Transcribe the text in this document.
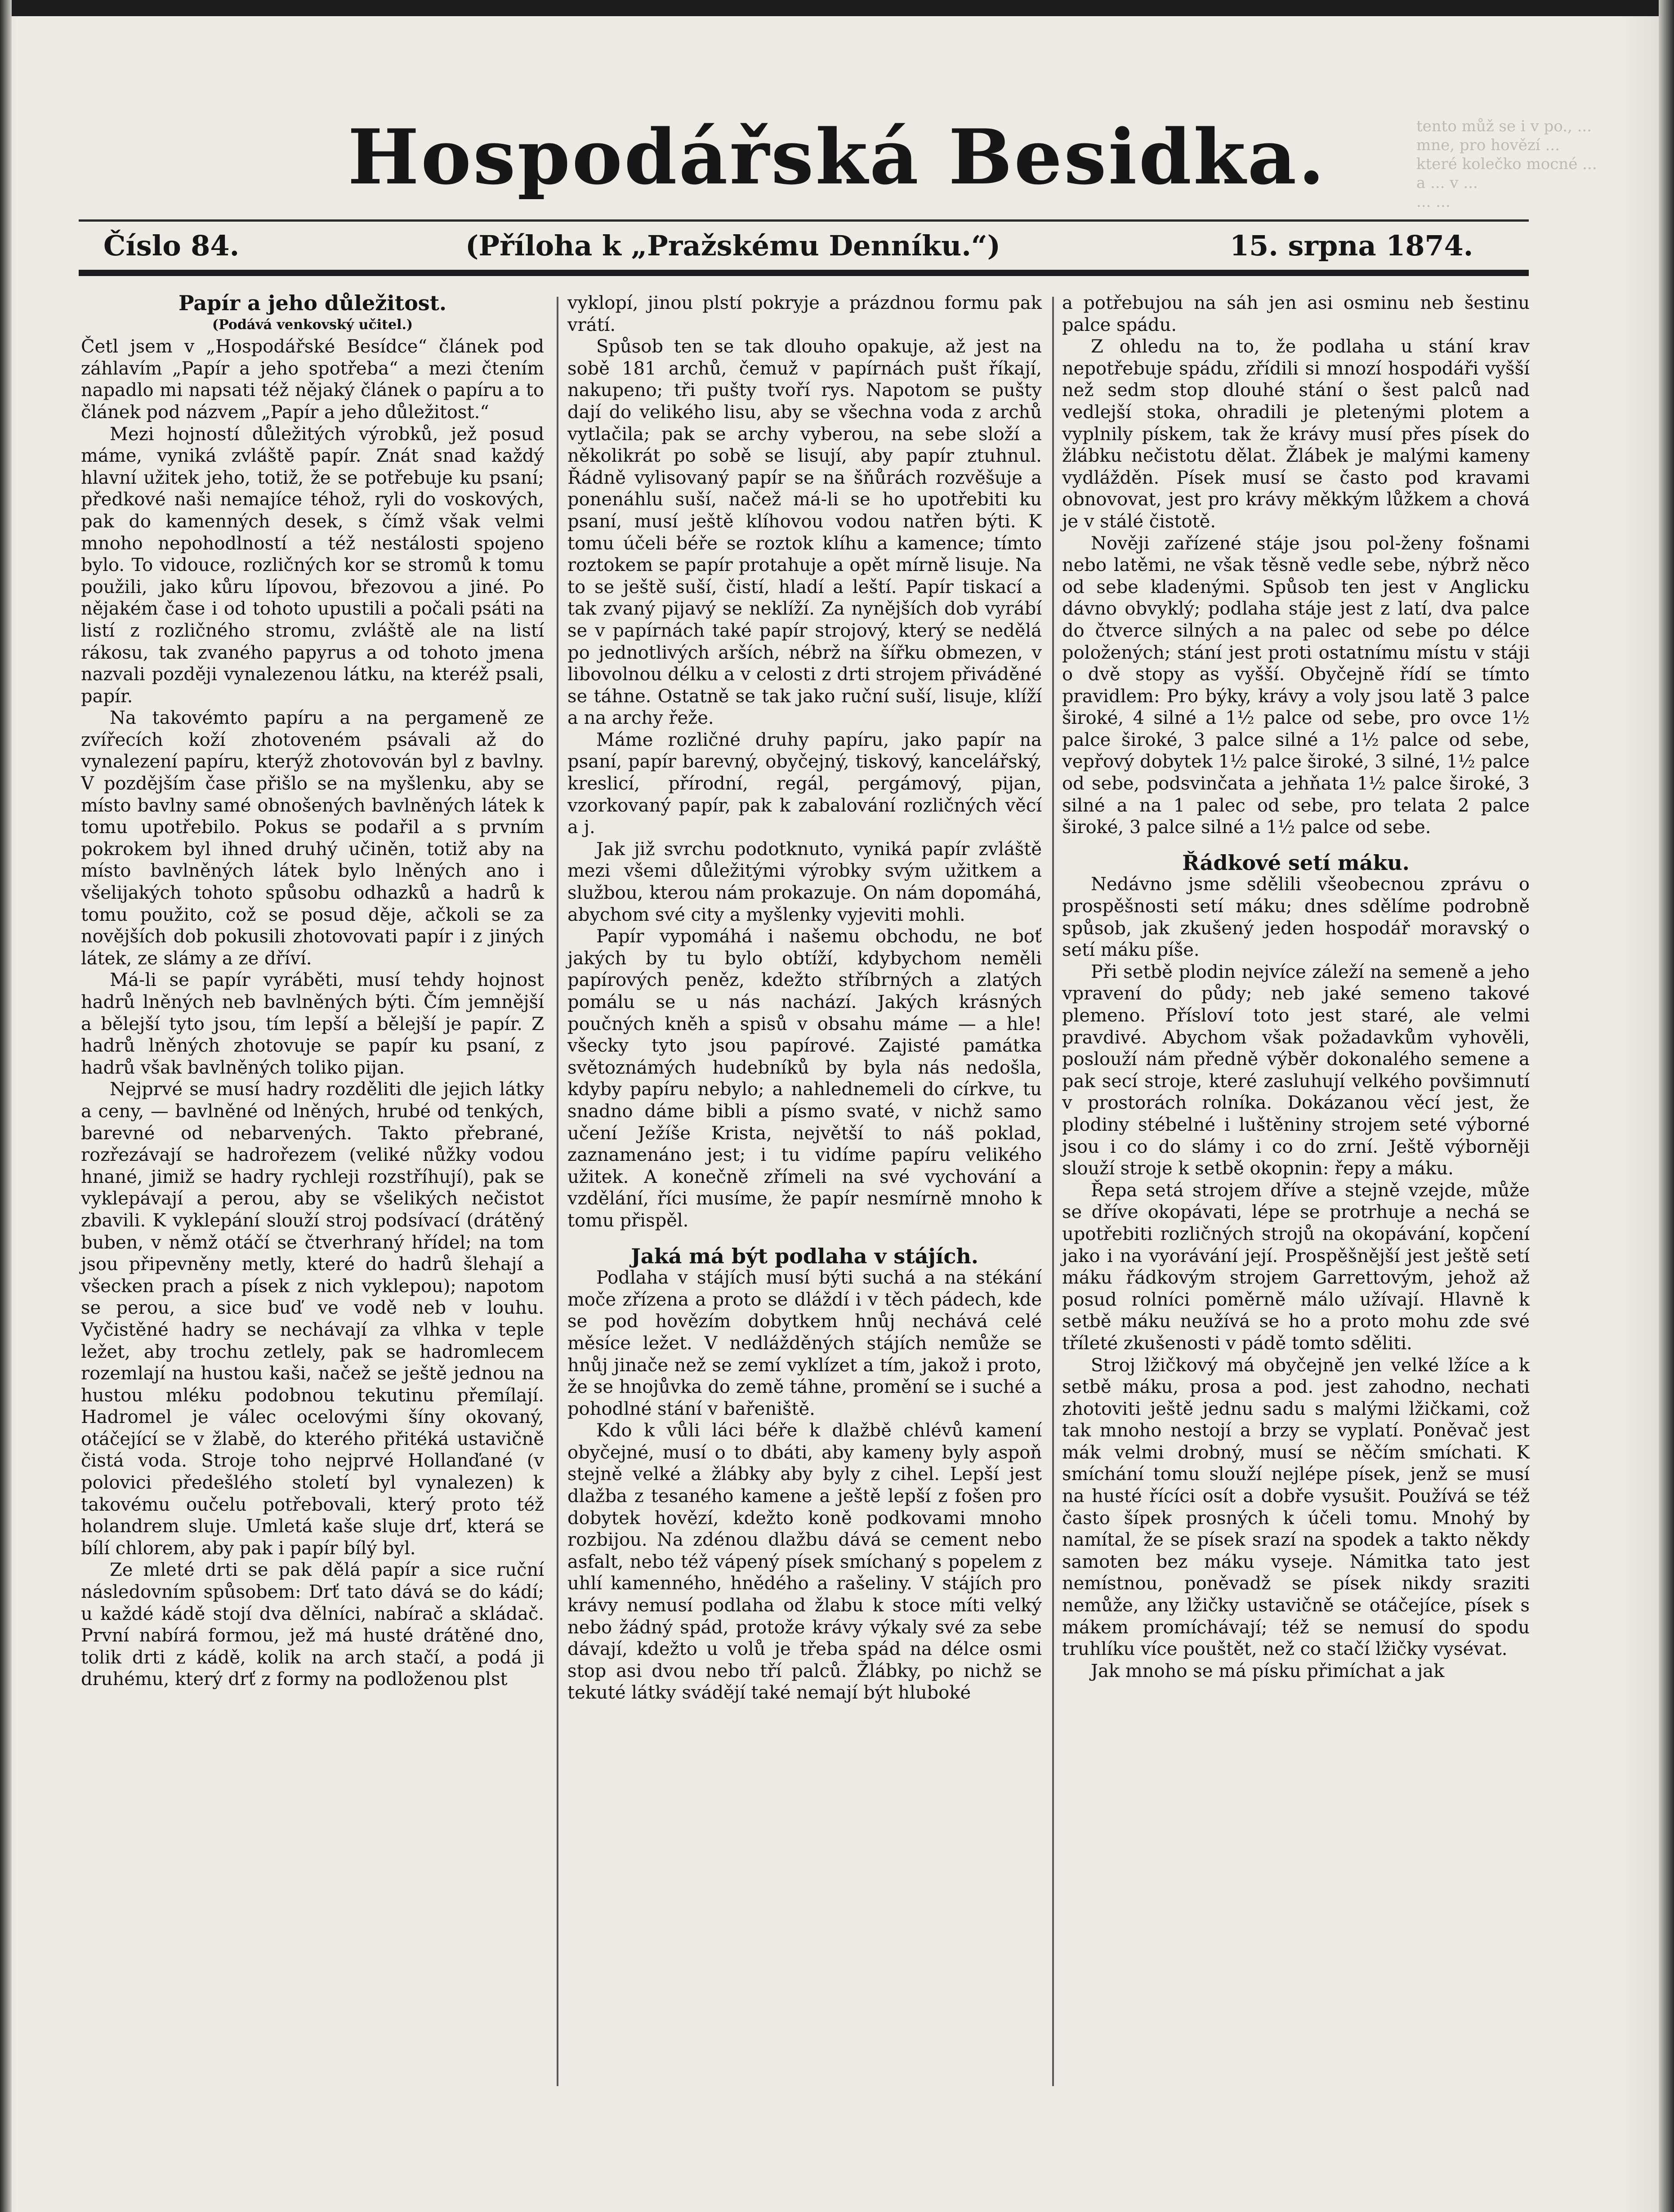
tento můž se i v po., ...
mne, pro hovězí ...
které kolečko mocné ...
a ... v ...
... ...
Hospodářská Besidka.
Číslo 84.	(Příloha k „Pražskému Denníku.“)	15. srpna 1874.

Papír a jeho důležitost.

(Podává venkovský učitel.)

Četl jsem v „Hospodářské Besídce“ článek pod záhlavím „Papír a jeho spotřeba“ a mezi čtením napadlo mi napsati též nějaký článek o papíru a to článek pod názvem „Papír a jeho důležitost.“

Mezi hojností důležitých výrobků, jež posud máme, vyniká zvláště papír. Znát snad každý hlavní užitek jeho, totiž, že se potřebuje ku psaní; předkové naši nemajíce téhož, ryli do voskových, pak do kamenných desek, s čímž však velmi mnoho nepohodlností a též nestálosti spojeno bylo. To vidouce, rozličných kor se stromů k tomu použili, jako kůru lípovou, březovou a jiné. Po nějakém čase i od tohoto upustili a počali psáti na listí z rozličného stromu, zvláště ale na listí rákosu, tak zvaného papyrus a od tohoto jmena nazvali později vynalezenou látku, na kteréž psali, papír.

Na takovémto papíru a na pergameně ze zvířecích koží zhotoveném psávali až do vynalezení papíru, kterýž zhotovován byl z bavlny. V pozdějším čase přišlo se na myšlenku, aby se místo bavlny samé obnošených bavlněných látek k tomu upotřebilo. Pokus se podařil a s prvním pokrokem byl ihned druhý učiněn, totiž aby na místo bavlněných látek bylo lněných ano i všelijakých tohoto spůsobu odhazků a hadrů k tomu použito, což se posud děje, ačkoli se za novějších dob pokusili zhotovovati papír i z jiných látek, ze slámy a ze dříví.

Má-li se papír vyráběti, musí tehdy hojnost hadrů lněných neb bavlněných býti. Čím jemnější a bělejší tyto jsou, tím lepší a bělejší je papír. Z hadrů lněných zhotovuje se papír ku psaní, z hadrů však bavlněných toliko pijan.

Nejprvé se musí hadry rozděliti dle jejich látky a ceny, — bavlněné od lněných, hrubé od tenkých, barevné od nebarvených. Takto přebrané, rozřezávají se hadrořezem (veliké nůžky vodou hnané, jimiž se hadry rychleji rozstříhují), pak se vyklepávají a perou, aby se všelikých nečistot zbavili. K vyklepání slouží stroj podsívací (drátěný buben, v němž otáčí se čtverhraný hřídel; na tom jsou připevněny metly, které do hadrů šlehají a všecken prach a písek z nich vyklepou); napotom se perou, a sice buď ve vodě neb v louhu. Vyčistěné hadry se nechávají za vlhka v teple ležet, aby trochu zetlely, pak se hadromlecem rozemlají na hustou kaši, načež se ještě jednou na hustou mléku podobnou tekutinu přemílají. Hadromel je válec ocelovými šíny okovaný, otáčející se v žlabě, do kterého přitéká ustavičně čistá voda. Stroje toho nejprvé Hollanďané (v polovici předešlého století byl vynalezen) k takovému oučelu potřebovali, který proto též holandrem sluje. Umletá kaše sluje drť, která se bílí chlorem, aby pak i papír bílý byl.

Ze mleté drti se pak dělá papír a sice ruční následovním spůsobem: Drť tato dává se do kádí; u každé kádě stojí dva dělníci, nabírač a skládač. První nabírá formou, jež má husté drátěné dno, tolik drti z kádě, kolik na arch stačí, a podá ji druhému, který drť z formy na podloženou plst

vyklopí, jinou plstí pokryje a prázdnou formu pak vrátí.

Spůsob ten se tak dlouho opakuje, až jest na sobě 181 archů, čemuž v papírnách pušt říkají, nakupeno; tři pušty tvoří rys. Napotom se pušty dají do velikého lisu, aby se všechna voda z archů vytlačila; pak se archy vyberou, na sebe složí a několikrát po sobě se lisují, aby papír ztuhnul. Řádně vylisovaný papír se na šňůrách rozvěšuje a ponenáhlu suší, načež má-li se ho upotřebiti ku psaní, musí ještě klíhovou vodou natřen býti. K tomu účeli béře se roztok klíhu a kamence; tímto roztokem se papír protahuje a opět mírně lisuje. Na to se ještě suší, čistí, hladí a leští. Papír tiskací a tak zvaný pijavý se neklíží. Za nynějších dob vyrábí se v papírnách také papír strojový, který se nedělá po jednotlivých arších, nébrž na šířku obmezen, v libovolnou délku a v celosti z drti strojem přiváděné se táhne. Ostatně se tak jako ruční suší, lisuje, klíží a na archy řeže.

Máme rozličné druhy papíru, jako papír na psaní, papír barevný, obyčejný, tiskový, kancelářský, kreslicí, přírodní, regál, pergámový, pijan, vzorkovaný papír, pak k zabalování rozličných věcí a j.

Jak již svrchu podotknuto, vyniká papír zvláště mezi všemi důležitými výrobky svým užitkem a službou, kterou nám prokazuje. On nám dopomáhá, abychom své city a myšlenky vyjeviti mohli.

Papír vypomáhá i našemu obchodu, ne boť jakých by tu bylo obtíží, kdybychom neměli papírových peněz, kdežto stříbrných a zlatých pomálu se u nás nachází. Jakých krásných poučných kněh a spisů v obsahu máme — a hle! všecky tyto jsou papírové. Zajisté památka světoznámých hudebníků by byla nás nedošla, kdyby papíru nebylo; a nahlednemeli do církve, tu snadno dáme bibli a písmo svaté, v nichž samo učení Ježíše Krista, největší to náš poklad, zaznamenáno jest; i tu vidíme papíru velikého užitek. A konečně zřímeli na své vychování a vzdělání, říci musíme, že papír nesmírně mnoho k tomu přispěl.

Jaká má být podlaha v stájích.

Podlaha v stájích musí býti suchá a na stékání moče zřízena a proto se dláždí i v těch pádech, kde se pod hovězím dobytkem hnůj nechává celé měsíce ležet. V nedlážděných stájích nemůže se hnůj jinače než se zemí vyklízet a tím, jakož i proto, že se hnojůvka do země táhne, promění se i suché a pohodlné stání v bařeniště.

Kdo k vůli láci béře k dlažbě chlévů kamení obyčejné, musí o to dbáti, aby kameny byly aspoň stejně velké a žlábky aby byly z cihel. Lepší jest dlažba z tesaného kamene a ještě lepší z fošen pro dobytek hovězí, kdežto koně podkovami mnoho rozbijou. Na zdénou dlažbu dává se cement nebo asfalt, nebo též vápený písek smíchaný s popelem z uhlí kamenného, hnědého a rašeliny. V stájích pro krávy nemusí podlaha od žlabu k stoce míti velký nebo žádný spád, protože krávy výkaly své za sebe dávají, kdežto u volů je třeba spád na délce osmi stop asi dvou nebo tří palců. Žlábky, po nichž se tekuté látky svádějí také nemají být hluboké

a potřebujou na sáh jen asi osminu neb šestinu palce spádu.

Z ohledu na to, že podlaha u stání krav nepotřebuje spádu, zřídili si mnozí hospodáři vyšší než sedm stop dlouhé stání o šest palců nad vedlejší stoka, ohradili je pletenými plotem a vyplnily pískem, tak že krávy musí přes písek do žlábku nečistotu dělat. Žlábek je malými kameny vydlážděn. Písek musí se často pod kravami obnovovat, jest pro krávy měkkým lůžkem a chová je v stálé čistotě.

Nověji zařízené stáje jsou pol-ženy fošnami nebo latěmi, ne však těsně vedle sebe, nýbrž něco od sebe kladenými. Spůsob ten jest v Anglicku dávno obvyklý; podlaha stáje jest z latí, dva palce do čtverce silných a na palec od sebe po délce položených; stání jest proti ostatnímu místu v stáji o dvě stopy as vyšší. Obyčejně řídí se tímto pravidlem: Pro býky, krávy a voly jsou latě 3 palce široké, 4 silné a 1½ palce od sebe, pro ovce 1½ palce široké, 3 palce silné a 1½ palce od sebe, vepřový dobytek 1½ palce široké, 3 silné, 1½ palce od sebe, podsvinčata a jehňata 1½ palce široké, 3 silné a na 1 palec od sebe, pro telata 2 palce široké, 3 palce silné a 1½ palce od sebe.

Řádkové setí máku.

Nedávno jsme sdělili všeobecnou zprávu o prospěšnosti setí máku; dnes sdělíme podrobně spůsob, jak zkušený jeden hospodář moravský o setí máku píše.

Při setbě plodin nejvíce záleží na semeně a jeho vpravení do půdy; neb jaké semeno takové plemeno. Přísloví toto jest staré, ale velmi pravdivé. Abychom však požadavkům vyhověli, poslouží nám předně výběr dokonalého semene a pak secí stroje, které zasluhují velkého povšimnutí v prostorách rolníka. Dokázanou věcí jest, že plodiny stébelné i luštěniny strojem seté výborné jsou i co do slámy i co do zrní. Ještě výborněji slouží stroje k setbě okopnin: řepy a máku.

Řepa setá strojem dříve a stejně vzejde, může se dříve okopávati, lépe se protrhuje a nechá se upotřebiti rozličných strojů na okopávání, kopčení jako i na vyorávání její. Prospěšnější jest ještě setí máku řádkovým strojem Garrettovým, jehož až posud rolníci poměrně málo užívají. Hlavně k setbě máku neužívá se ho a proto mohu zde své tříleté zkušenosti v pádě tomto sděliti.

Stroj lžičkový má obyčejně jen velké lžíce a k setbě máku, prosa a pod. jest zahodno, nechati zhotoviti ještě jednu sadu s malými lžičkami, což tak mnoho nestojí a brzy se vyplatí. Poněvač jest mák velmi drobný, musí se něčím smíchati. K smíchání tomu slouží nejlépe písek, jenž se musí na husté řícíci osít a dobře vysušit. Používá se též často šípek prosných k účeli tomu. Mnohý by namítal, že se písek srazí na spodek a takto někdy samoten bez máku vyseje. Námitka tato jest nemístnou, poněvadž se písek nikdy sraziti nemůže, any lžičky ustavičně se otáčejíce, písek s mákem promíchávají; též se nemusí do spodu truhlíku více pouštět, než co stačí lžičky vysévat.

Jak mnoho se má písku přimíchat a jak
